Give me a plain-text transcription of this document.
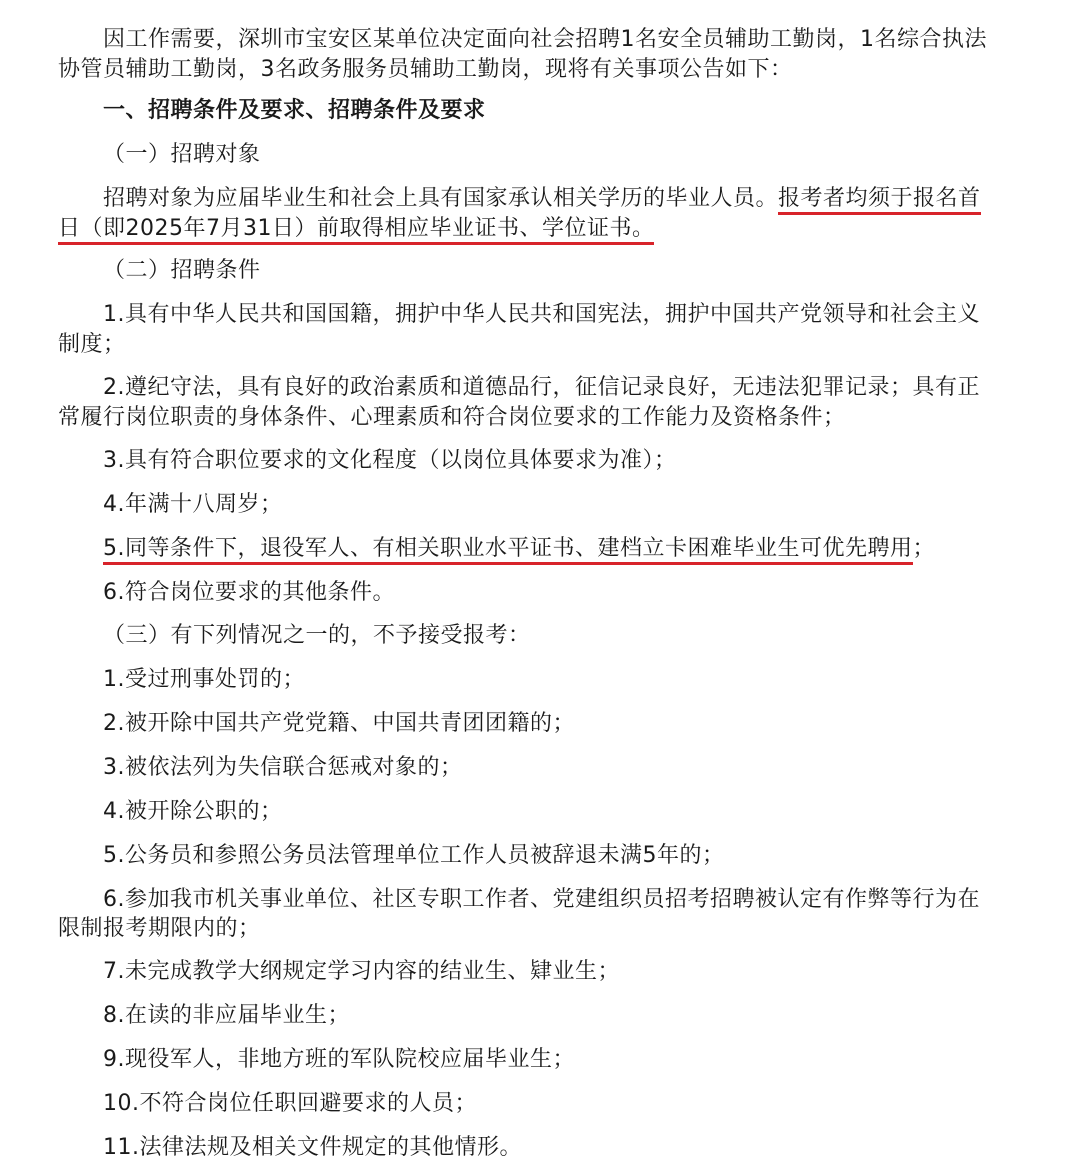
因工作需要，深圳市宝安区某单位决定面向社会招聘1名安全员辅助工勤岗，1名综合执法
协管员辅助工勤岗，3名政务服务员辅助工勤岗，现将有关事项公告如下：
一、招聘条件及要求、招聘条件及要求
（一）招聘对象
招聘对象为应届毕业生和社会上具有国家承认相关学历的毕业人员。报考者均须于报名首
日（即2025年7月31日）前取得相应毕业证书、学位证书。
（二）招聘条件
1.具有中华人民共和国国籍，拥护中华人民共和国宪法，拥护中国共产党领导和社会主义
制度；
2.遵纪守法，具有良好的政治素质和道德品行，征信记录良好，无违法犯罪记录；具有正
常履行岗位职责的身体条件、心理素质和符合岗位要求的工作能力及资格条件；
3.具有符合职位要求的文化程度（以岗位具体要求为准）；
4.年满十八周岁；
5.同等条件下，退役军人、有相关职业水平证书、建档立卡困难毕业生可优先聘用；
6.符合岗位要求的其他条件。
（三）有下列情况之一的，不予接受报考：
1.受过刑事处罚的；
2.被开除中国共产党党籍、中国共青团团籍的；
3.被依法列为失信联合惩戒对象的；
4.被开除公职的；
5.公务员和参照公务员法管理单位工作人员被辞退未满5年的；
6.参加我市机关事业单位、社区专职工作者、党建组织员招考招聘被认定有作弊等行为在
限制报考期限内的；
7.未完成教学大纲规定学习内容的结业生、肄业生；
8.在读的非应届毕业生；
9.现役军人，非地方班的军队院校应届毕业生；
10.不符合岗位任职回避要求的人员；
11.法律法规及相关文件规定的其他情形。
